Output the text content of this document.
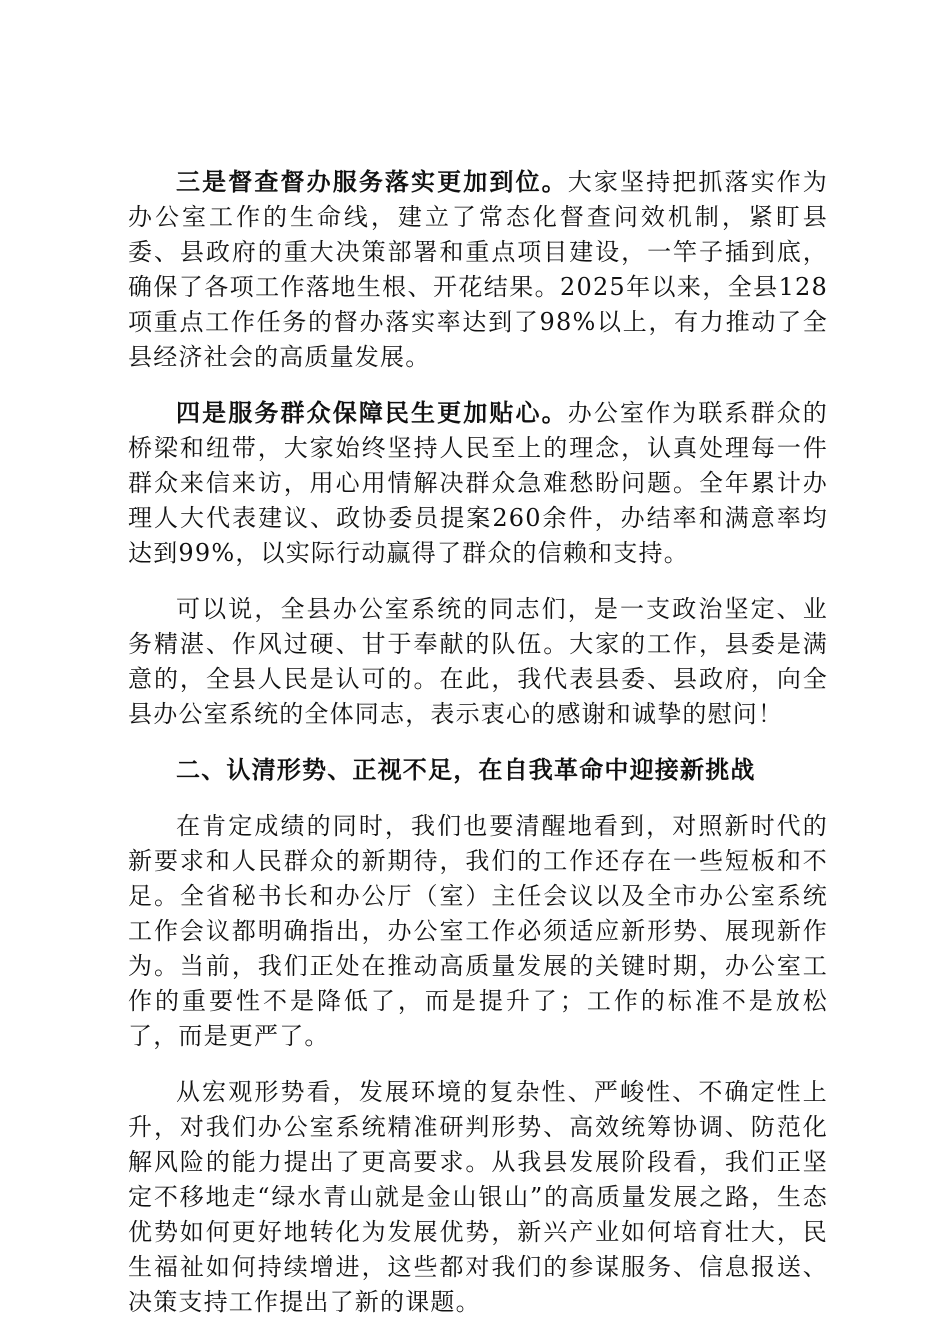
三是督查督办服务落实更加到位。大家坚持把抓落实作为办公室工作的生命线，建立了常态化督查问效机制，紧盯县委、县政府的重大决策部署和重点项目建设，一竿子插到底，确保了各项工作落地生根、开花结果。2025年以来，全县128项重点工作任务的督办落实率达到了98%以上，有力推动了全县经济社会的高质量发展。

四是服务群众保障民生更加贴心。办公室作为联系群众的桥梁和纽带，大家始终坚持人民至上的理念，认真处理每一件群众来信来访，用心用情解决群众急难愁盼问题。全年累计办理人大代表建议、政协委员提案260余件，办结率和满意率均达到99%，以实际行动赢得了群众的信赖和支持。

可以说，全县办公室系统的同志们，是一支政治坚定、业务精湛、作风过硬、甘于奉献的队伍。大家的工作，县委是满意的，全县人民是认可的。在此，我代表县委、县政府，向全县办公室系统的全体同志，表示衷心的感谢和诚挚的慰问！

二、认清形势、正视不足，在自我革命中迎接新挑战

在肯定成绩的同时，我们也要清醒地看到，对照新时代的新要求和人民群众的新期待，我们的工作还存在一些短板和不足。全省秘书长和办公厅（室）主任会议以及全市办公室系统工作会议都明确指出，办公室工作必须适应新形势、展现新作为。当前，我们正处在推动高质量发展的关键时期，办公室工作的重要性不是降低了，而是提升了；工作的标准不是放松了，而是更严了。

从宏观形势看，发展环境的复杂性、严峻性、不确定性上升，对我们办公室系统精准研判形势、高效统筹协调、防范化解风险的能力提出了更高要求。从我县发展阶段看，我们正坚定不移地走“绿水青山就是金山银山”的高质量发展之路，生态优势如何更好地转化为发展优势，新兴产业如何培育壮大，民生福祉如何持续增进，这些都对我们的参谋服务、信息报送、决策支持工作提出了新的课题。
